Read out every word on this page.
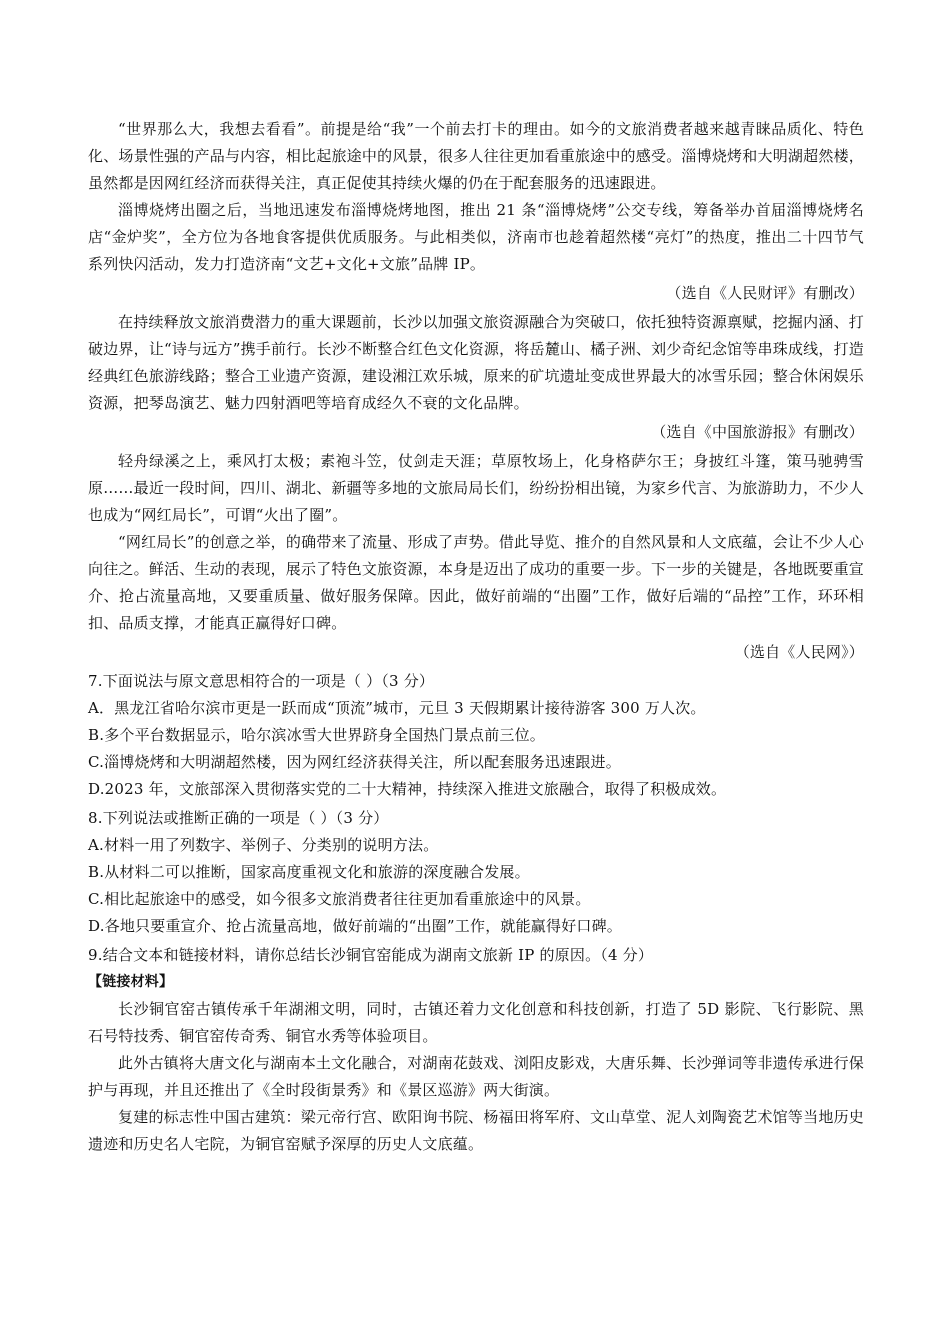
“世界那么大，我想去看看”。前提是给“我”一个前去打卡的理由。如今的文旅消费者越来越青睐品质化、特色化、场景性强的产品与内容，相比起旅途中的风景，很多人往往更加看重旅途中的感受。淄博烧烤和大明湖超然楼，虽然都是因网红经济而获得关注，真正促使其持续火爆的仍在于配套服务的迅速跟进。

淄博烧烤出圈之后，当地迅速发布淄博烧烤地图，推出 21 条“淄博烧烤”公交专线，筹备举办首届淄博烧烤名店“金炉奖”，全方位为各地食客提供优质服务。与此相类似，济南市也趁着超然楼“亮灯”的热度，推出二十四节气系列快闪活动，发力打造济南“文艺+文化+文旅”品牌 IP。

（选自《人民财评》有删改）

在持续释放文旅消费潜力的重大课题前，长沙以加强文旅资源融合为突破口，依托独特资源禀赋，挖掘内涵、打破边界，让“诗与远方”携手前行。长沙不断整合红色文化资源，将岳麓山、橘子洲、刘少奇纪念馆等串珠成线，打造经典红色旅游线路；整合工业遗产资源，建设湘江欢乐城，原来的矿坑遗址变成世界最大的冰雪乐园；整合休闲娱乐资源，把琴岛演艺、魅力四射酒吧等培育成经久不衰的文化品牌。

（选自《中国旅游报》有删改）

轻舟绿溪之上，乘风打太极；素袍斗笠，仗剑走天涯；草原牧场上，化身格萨尔王；身披红斗篷，策马驰骋雪原……最近一段时间，四川、湖北、新疆等多地的文旅局局长们，纷纷扮相出镜，为家乡代言、为旅游助力，不少人也成为“网红局长”，可谓“火出了圈”。

“网红局长”的创意之举，的确带来了流量、形成了声势。借此导览、推介的自然风景和人文底蕴，会让不少人心向往之。鲜活、生动的表现，展示了特色文旅资源，本身是迈出了成功的重要一步。下一步的关键是，各地既要重宣介、抢占流量高地，又要重质量、做好服务保障。因此，做好前端的“出圈”工作，做好后端的“品控”工作，环环相扣、品质支撑，才能真正赢得好口碑。

（选自《人民网》）

7.下面说法与原文意思相符合的一项是（ ）（3 分）

A．黑龙江省哈尔滨市更是一跃而成“顶流”城市，元旦 3 天假期累计接待游客 300 万人次。

B.多个平台数据显示，哈尔滨冰雪大世界跻身全国热门景点前三位。

C.淄博烧烤和大明湖超然楼，因为网红经济获得关注，所以配套服务迅速跟进。

D.2023 年，文旅部深入贯彻落实党的二十大精神，持续深入推进文旅融合，取得了积极成效。

8.下列说法或推断正确的一项是（ ）（3 分）

A.材料一用了列数字、举例子、分类别的说明方法。

B.从材料二可以推断，国家高度重视文化和旅游的深度融合发展。

C.相比起旅途中的感受，如今很多文旅消费者往往更加看重旅途中的风景。

D.各地只要重宣介、抢占流量高地，做好前端的“出圈”工作，就能赢得好口碑。

9.结合文本和链接材料，请你总结长沙铜官窑能成为湖南文旅新 IP 的原因。（4 分）

【链接材料】

长沙铜官窑古镇传承千年湖湘文明，同时，古镇还着力文化创意和科技创新，打造了 5D 影院、飞行影院、黑石号特技秀、铜官窑传奇秀、铜官水秀等体验项目。

此外古镇将大唐文化与湖南本土文化融合，对湖南花鼓戏、浏阳皮影戏，大唐乐舞、长沙弹词等非遗传承进行保护与再现，并且还推出了《全时段街景秀》和《景区巡游》两大街演。

复建的标志性中国古建筑：梁元帝行宫、欧阳询书院、杨福田将军府、文山草堂、泥人刘陶瓷艺术馆等当地历史遗迹和历史名人宅院，为铜官窑赋予深厚的历史人文底蕴。
